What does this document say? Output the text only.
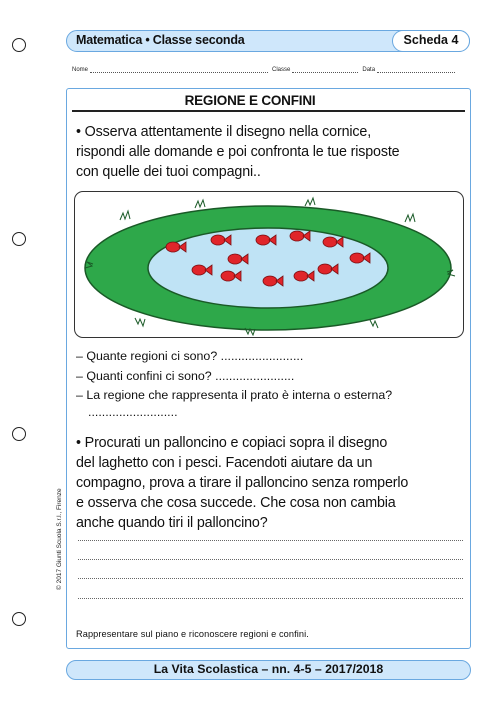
Matematica • Classe seconda	Scheda 4
Nome	Classe	Data
REGIONE E CONFINI
• Osserva attentamente il disegno nella cornice,
rispondi alle domande e poi confronta le tue risposte
con quelle dei tuoi compagni..
– Quante regioni ci sono? ........................
– Quanti confini ci sono? .......................
– La regione che rappresenta il prato è interna o esterna?
..........................
• Procurati un palloncino e copiaci sopra il disegno
del laghetto con i pesci. Facendoti aiutare da un
compagno, prova a tirare il palloncino senza romperlo
e osserva che cosa succede. Che cosa non cambia
anche quando tiri il palloncino?
Rappresentare sul piano e riconoscere regioni e confini.
© 2017 Giunti Scuola S.r.l., Firenze
La Vita Scolastica – nn. 4-5 – 2017/2018
